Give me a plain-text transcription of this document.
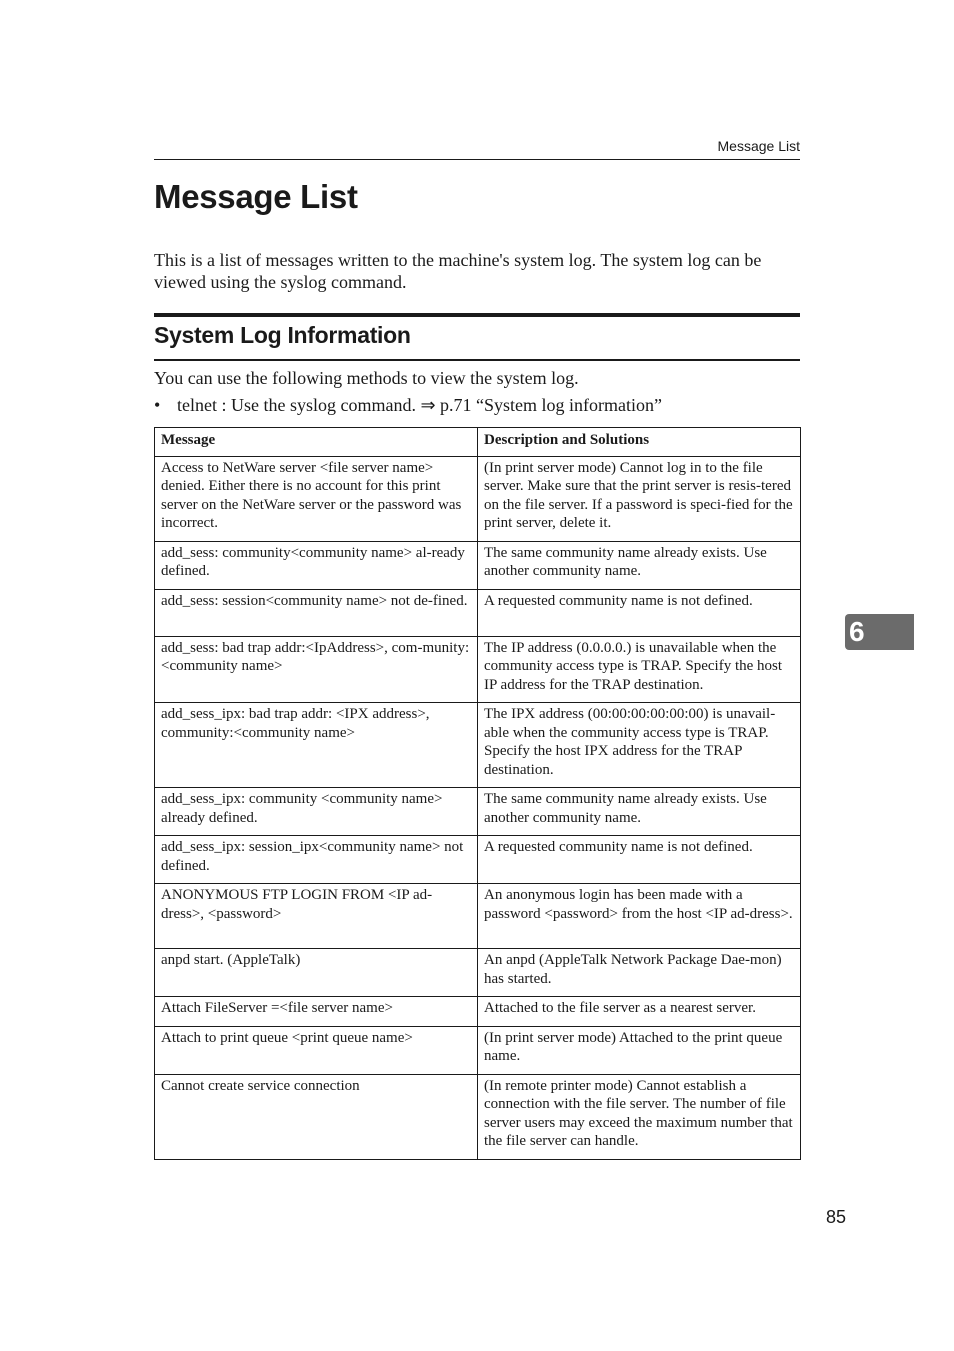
Message List
Message List

This is a list of messages written to the machine's system log. The system log can be viewed using the syslog command.

System Log Information

You can use the following methods to view the system log.

• telnet : Use the syslog command. ⇒ p.71 “System log information”
Message	Description and Solutions
Access to NetWare server <file server name> denied. Either there is no account for this print server on the NetWare server or the password was incorrect.	(In print server mode) Cannot log in to the file server. Make sure that the print server is resis-tered on the file server. If a password is speci-fied for the print server, delete it.
add_sess: community<community name> al-ready defined.	The same community name already exists. Use another community name.
add_sess: session<community name> not de-fined.	A requested community name is not defined.
add_sess: bad trap addr:<IpAddress>, com-munity:<community name>	The IP address (0.0.0.0.) is unavailable when the community access type is TRAP. Specify the host IP address for the TRAP destination.
add_sess_ipx: bad trap addr: <IPX address>, community:<community name>	The IPX address (00:00:00:00:00:00) is unavail-able when the community access type is TRAP. Specify the host IPX address for the TRAP destination.
add_sess_ipx: community <community name> already defined.	The same community name already exists. Use another community name.
add_sess_ipx: session_ipx<community name> not defined.	A requested community name is not defined.
ANONYMOUS FTP LOGIN FROM <IP ad-dress>, <password>	An anonymous login has been made with a password <password> from the host <IP ad-dress>.
anpd start. (AppleTalk)	An anpd (AppleTalk Network Package Dae-mon) has started.
Attach FileServer =<file server name>	Attached to the file server as a nearest server.
Attach to print queue <print queue name>	(In print server mode) Attached to the print queue name.
Cannot create service connection	(In remote printer mode) Cannot establish a connection with the file server. The number of file server users may exceed the maximum number that the file server can handle.
6
85
